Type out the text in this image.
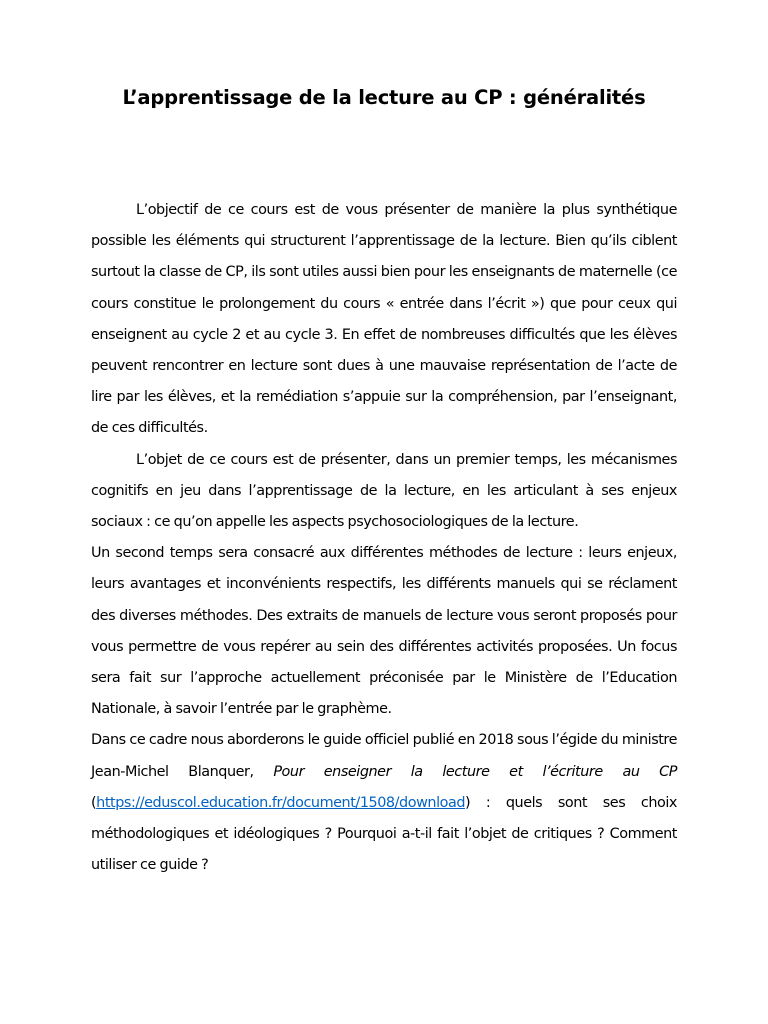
L’apprentissage de la lecture au CP : généralités

L’objectif de ce cours est de vous présenter de manière la plus synthétique possible les éléments qui structurent l’apprentissage de la lecture. Bien qu’ils ciblent surtout la classe de CP, ils sont utiles aussi bien pour les enseignants de maternelle (ce cours constitue le prolongement du cours « entrée dans l’écrit ») que pour ceux qui enseignent au cycle 2 et au cycle 3. En effet de nombreuses difficultés que les élèves peuvent rencontrer en lecture sont dues à une mauvaise représentation de l’acte de lire par les élèves, et la remédiation s’appuie sur la compréhension, par l’enseignant, de ces difficultés.

L’objet de ce cours est de présenter, dans un premier temps, les mécanismes cognitifs en jeu dans l’apprentissage de la lecture, en les articulant à ses enjeux sociaux : ce qu’on appelle les aspects psychosociologiques de la lecture.

Un second temps sera consacré aux différentes méthodes de lecture : leurs enjeux, leurs avantages et inconvénients respectifs, les différents manuels qui se réclament des diverses méthodes. Des extraits de manuels de lecture vous seront proposés pour vous permettre de vous repérer au sein des différentes activités proposées. Un focus sera fait sur l’approche actuellement préconisée par le Ministère de l’Education Nationale, à savoir l’entrée par le graphème.

Dans ce cadre nous aborderons le guide officiel publié en 2018 sous l’égide du ministre Jean-Michel Blanquer, Pour enseigner la lecture et l’écriture au CP (https://eduscol.education.fr/document/1508/download) : quels sont ses choix méthodologiques et idéologiques ? Pourquoi a-t-il fait l’objet de critiques ? Comment utiliser ce guide ?
